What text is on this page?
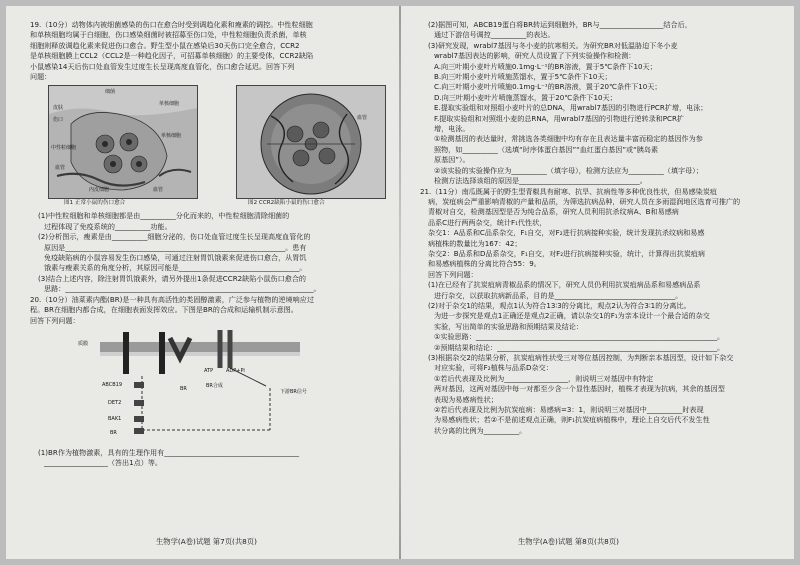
19.（10分）动物体内被细菌感染的伤口在愈合时受到调趋化素和瘦素的调控。中性粒细胞

和单核细胞均属于白细胞，伤口感染细菌时被招募至伤口处，中性粒细胞负责杀菌，单核

细胞则释放调趋化素来促进伤口愈合。野生型小鼠在感染后30天伤口完全愈合，CCR2

是单核细胞膜上CCL2（CCL2是一种趋化因子，可招募单核细胞）的主要受体，CCR2缺陷

小鼠感染14天后伤口处血管发生过度生长呈现高度血管化，伤口愈合延迟。回答下列

问题：

细菌
皮肤
伤口
中性粒细胞
单核细胞
单核细胞
内皮细胞	血管
血管
图1 正常小鼠的伤口愈合
血管
图2 CCR2缺陷小鼠的伤口愈合

(1)中性粒细胞和单核细胞都是由__________分化而来的，中性粒细胞清除细菌的

过程体现了免疫系统的__________功能。

(2)分析图示，瘦素是由__________细胞分泌的，伤口处血管过度生长呈现高度血管化的

原因是______________________________________________________________。患有

免疫缺陷病的小鼠容易发生伤口感染，可通过注射胃饥饿素来促进伤口愈合，从胃饥

饿素与瘦素关系的角度分析，其原因可能是__________________________________。

(3)结合上述内容，除注射胃饥饿素外，请另外提出1条促进CCR2缺陷小鼠伤口愈合的

思路：______________________________________________________________________。

20.（10分）油菜素内酯(BR)是一种具有高活性的类固醇激素，广泛参与植物的逆境响应过

程。BR在细胞内都合成，在细胞表面发挥效应。下图是BR的合成和运输机制示意图。

回答下列问题：

质膜
ATP	ADP+Pi
BR合成
ABCB19
BR
DET2
BAK1
BR
下游BR信号

(1)BR作为植物激素，具有的生理作用有______________________________________

__________________（答出1点）等。

生物学(A卷)试题 第7页(共8页)

(2)据图可知，ABCB19蛋白将BR转运到细胞外，BR与__________________结合后，

通过下游信号调控__________的表达。

(3)研究发现，wrabl7基因与冬小麦的抗寒相关。为研究BR对低温胁迫下冬小麦

wrabl7基因表达的影响，研究人员设置了下列实验操作和检测：

A.向三叶期小麦叶片喷施0.1mg·L⁻¹的BR溶液，置于5℃条件下10天；

B.向三叶期小麦叶片喷施蒸馏水，置于5℃条件下10天；

C.向三叶期小麦叶片喷施0.1mg·L⁻¹的BR溶液，置于20℃条件下10天；

D.向三叶期小麦叶片喷施蒸馏水，置于20℃条件下10天；

E.提取实验组和对照组小麦叶片的总DNA，用wrabl7基因的引物进行PCR扩增，电泳；

F.提取实验组和对照组小麦的总RNA，用wrabl7基因的引物进行逆转录和PCR扩

增，电泳。

①检测基因的表达量时，常挑选各类细胞中均有存在且表达量丰富而稳定的基因作为参

照物，如__________（选填“时序体蛋白基因”“血红蛋白基因”或“胰岛素

原基因”）。

②该实验的实验操作应为__________（填字母），检测方法应为__________（填字母）；

检测方法选择该组的原因是__________________________________。

21.（11分）南瓜既属于的野生型青椒具有耐寒、抗旱、抗病性等多种优良性状，但易感染炭疽

病，炭疽病会严重影响青椒的产量和品质，为筛选抗病品种，研究人员在多雨湿润地区选育可推广的

青椒对自交，检测基因型是否为纯合品系，研究人员利用抗杀纹病A、B和易感病

品系C进行两两杂交，统计F₁代性状，

杂交1：A品系和C品系杂交，F₁自交，对F₂进行抗病接种实验，统计发现抗杀纹病和易感

病植株的数量比为167：42；

杂交2：B品系和D品系杂交，F₁自交，对F₂进行抗病接种实验，统计，计算得出抗炭疽病

和易感病植株的分离比符合55：9。

回答下列问题：

(1)在已经有了抗炭疽病青椒品系的情况下，研究人员仍利用抗炭疽病品系和易感病品系

进行杂交，以获取抗病新品系，目的是__________________________________。

(2)对于杂交1的结果，观点1认为符合13∶3的分离比，观点2认为符合3∶1的分离比。

为进一步探究是观点1正确还是观点2正确，请以杂交1的F₁为亲本设计一个最合适的杂交

实验，写出简单的实验思路和预期结果及结论：

①实验思路：____________________________________________________________________。

②预期结果和结论：______________________________________________________________。

(3)根据杂交2的结果分析，抗炭疽病性状受三对等位基因控制，为判断亲本基因型，设计如下杂交

对应实验，可将F₂植株与品系D杂交：

①若后代表现及比例为__________________，则说明三对基因中有特定

两对基因，这两对基因中每一对都至少含一个显性基因时，植株才表现为抗病，其余的基因型

表现为易感病性状；

②若后代表现及比例为抗炭疽病：易感病=3：1，则说明三对基因中__________时表现

为易感病性状；若②不是前述观点正确，则F₁抗炭疽病植株中，理论上自交后代不发生性

状分离的比例为__________。

生物学(A卷)试题 第8页(共8页)
